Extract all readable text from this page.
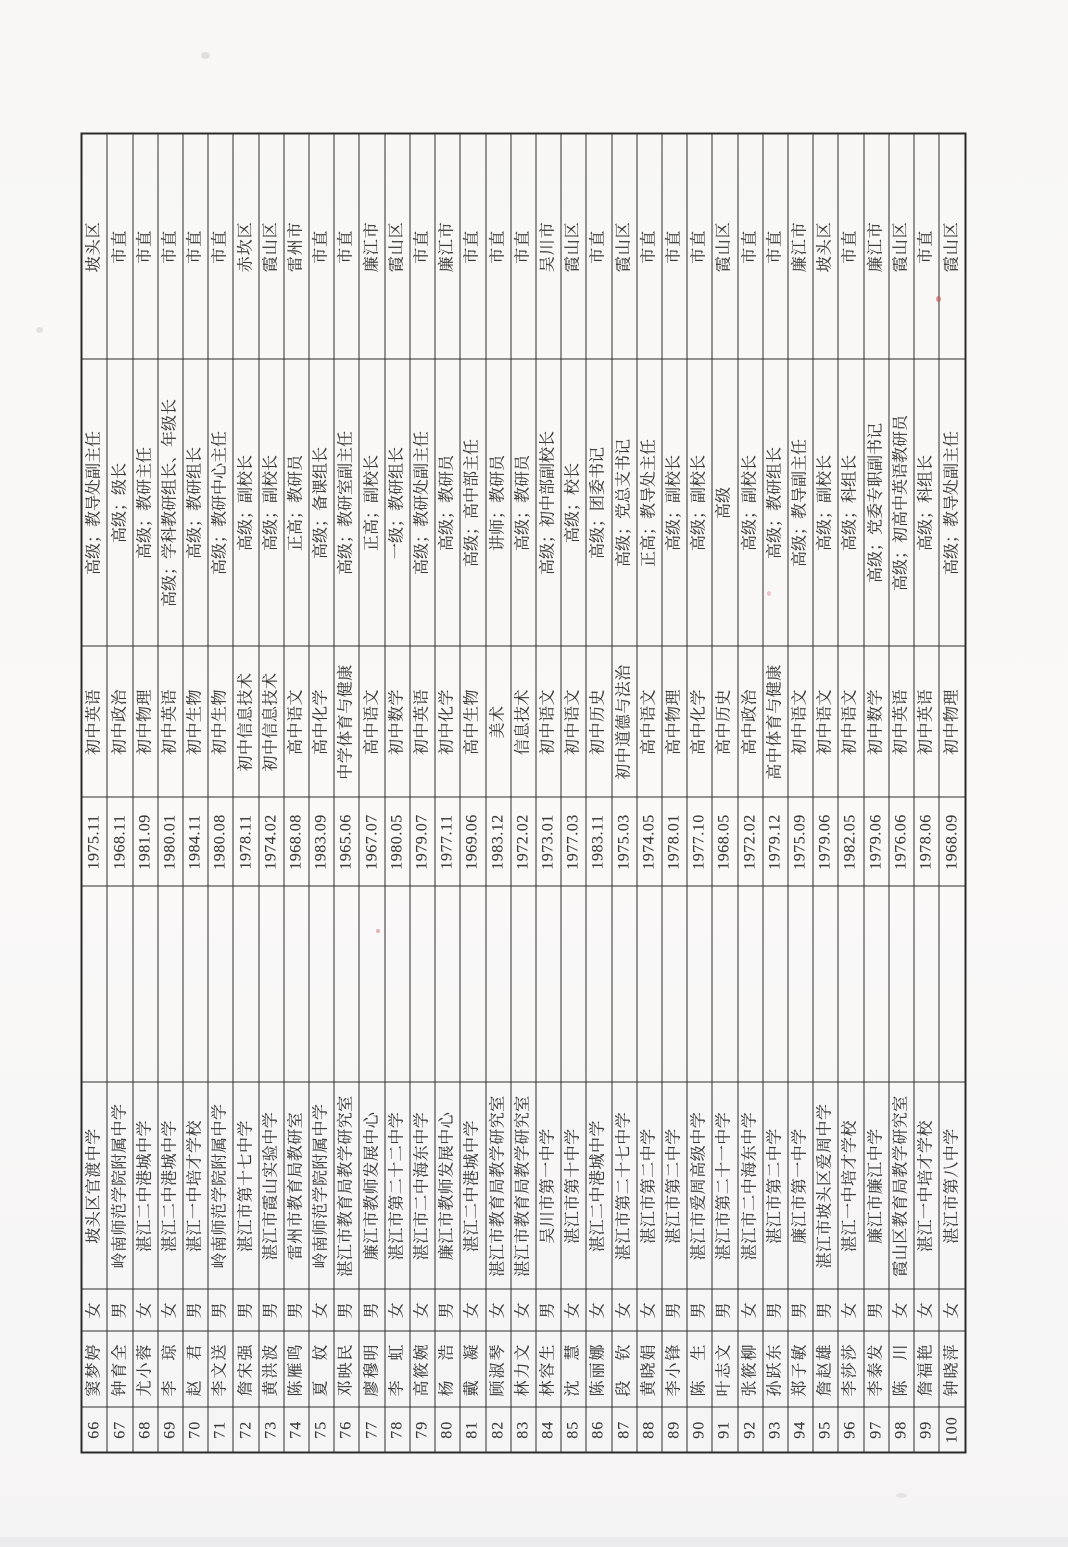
66	窦梦婷	女	坡头区官渡中学		1975.11	初中英语	高级；教导处副主任	坡头区
67	钟育全	男	岭南师范学院附属中学		1968.11	初中政治	高级；级长	市直
68	尤小蓉	女	湛江二中港城中学		1981.09	初中物理	高级；教研主任	市直
69	李　琼	女	湛江二中港城中学		1980.01	初中英语	高级；学科教研组长、年级长	市直
70	赵　君	男	湛江一中培才学校		1984.11	初中生物	高级；教研组长	市直
71	李文送	男	岭南师范学院附属中学		1980.08	初中生物	高级；教研中心主任	市直
72	詹宋强	男	湛江市第十七中学		1978.11	初中信息技术	高级；副校长	赤坎区
73	黄洪波	男	湛江市霞山实验中学		1974.02	初中信息技术	高级；副校长	霞山区
74	陈雁鸣	男	雷州市教育局教研室		1968.08	高中语文	正高；教研员	雷州市
75	夏　妏	女	岭南师范学院附属中学		1983.09	高中化学	高级；备课组长	市直
76	邓映民	男	湛江市教育局教学研究室		1965.06	中学体育与健康	高级；教研室副主任	市直
77	廖穆明	男	廉江市教师发展中心		1967.07	高中语文	正高；副校长	廉江市
78	李　虹	女	湛江市第二十二中学		1980.05	初中数学	一级；教研组长	霞山区
79	高筱婉	女	湛江市二中海东中学		1979.07	初中英语	高级；教研处副主任	市直
80	杨　浩	男	廉江市教师发展中心		1977.11	初中化学	高级；教研员	廉江市
81	戴　凝	女	湛江二中港城中学		1969.06	高中生物	高级；高中部主任	市直
82	顾淑琴	女	湛江市教育局教学研究室		1983.12	美术	讲师；教研员	市直
83	林力文	女	湛江市教育局教学研究室		1972.02	信息技术	高级；教研员	市直
84	林容生	男	吴川市第一中学		1973.01	初中语文	高级；初中部副校长	吴川市
85	沈　慧	女	湛江市第十中学		1977.03	初中语文	高级；校长	霞山区
86	陈丽娜	女	湛江二中港城中学		1983.11	初中历史	高级；团委书记	市直
87	段　钦	女	湛江市第二十七中学		1975.03	初中道德与法治	高级；党总支书记	霞山区
88	黄晓娟	女	湛江市第二中学		1974.05	高中语文	正高；教导处主任	市直
89	李小锋	男	湛江市第二中学		1978.01	高中物理	高级；副校长	市直
90	陈　生	男	湛江市爱周高级中学		1977.10	高中化学	高级；副校长	市直
91	叶志文	男	湛江市第二十一中学		1968.05	高中历史	高级	霞山区
92	张筱柳	女	湛江市二中海东中学		1972.02	高中政治	高级；副校长	市直
93	孙跃东	男	湛江市第二中学		1979.12	高中体育与健康	高级；教研组长	市直
94	郑子敏	男	廉江市第一中学		1975.09	初中语文	高级；教导副主任	廉江市
95	詹赵雄	男	湛江市坡头区爱周中学		1979.06	初中语文	高级；副校长	坡头区
96	李莎莎	女	湛江一中培才学校		1982.05	初中语文	高级；科组长	市直
97	李泰发	男	廉江市廉江中学		1979.06	初中数学	高级；党委专职副书记	廉江市
98	陈　川	女	霞山区教育局教学研究室		1976.06	初中英语	高级；初高中英语教研员	霞山区
99	詹福艳	女	湛江一中培才学校		1978.06	初中英语	高级；科组长	市直
100	钟晓萍	女	湛江市第八中学		1968.09	初中物理	高级；教导处副主任	霞山区
